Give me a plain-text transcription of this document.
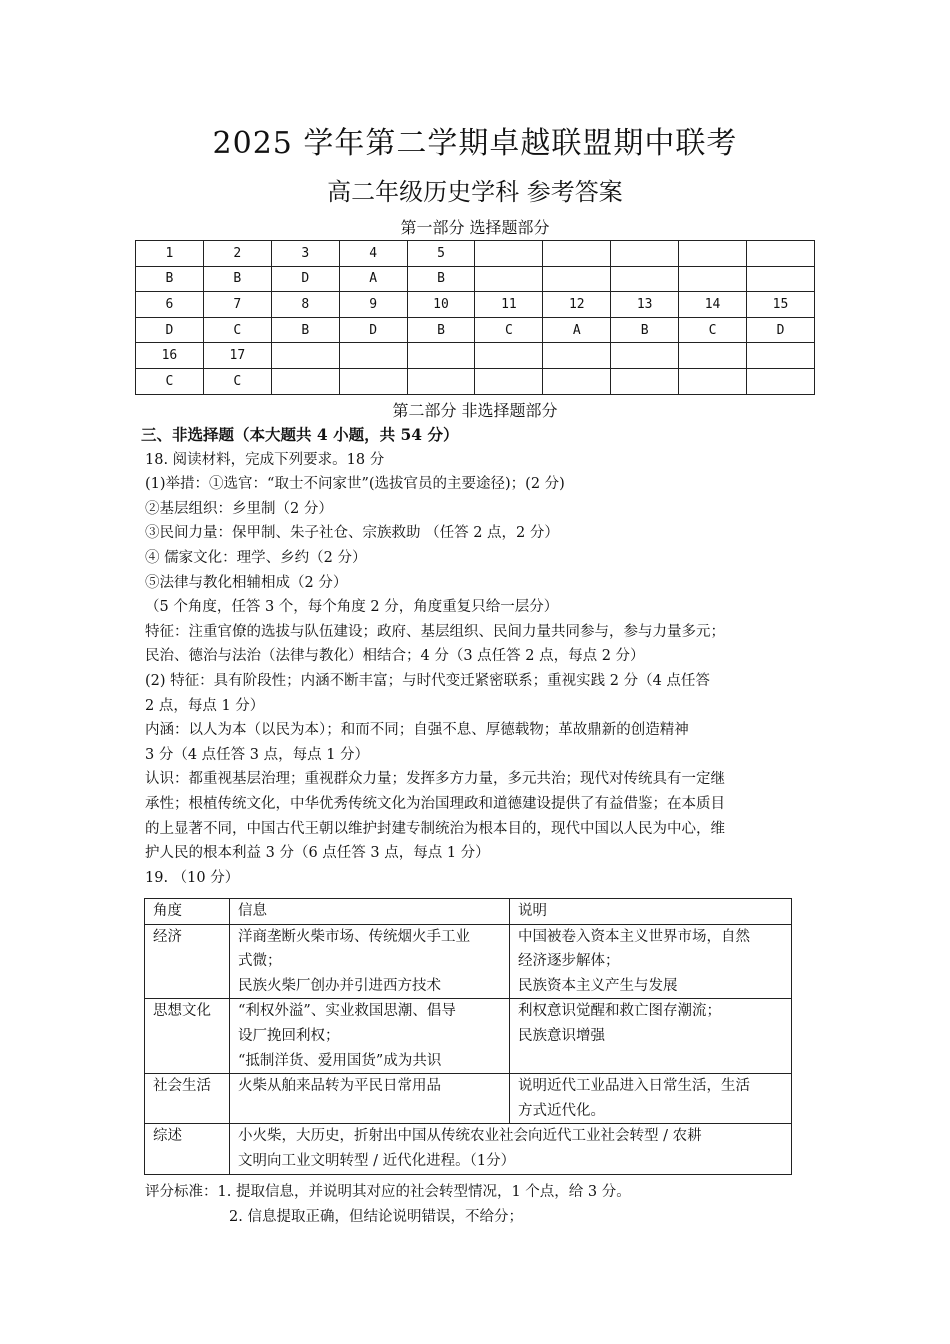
2025 学年第二学期卓越联盟期中联考
高二年级历史学科 参考答案
第一部分 选择题部分
1	2	3	4	5					
B	B	D	A	B					
6	7	8	9	10	11	12	13	14	15
D	C	B	D	B	C	A	B	C	D
16	17								
C	C								
第二部分 非选择题部分
三、非选择题（本大题共 4 小题，共 54 分）
18. 阅读材料，完成下列要求。18 分
(1)举措：①选官：“取士不问家世”(选拔官员的主要途径)；(2 分)
②基层组织：乡里制（2 分）
③民间力量：保甲制、朱子社仓、宗族救助 （任答 2 点，2 分）
④ 儒家文化：理学、乡约（2 分）
⑤法律与教化相辅相成（2 分）
（5 个角度，任答 3 个，每个角度 2 分，角度重复只给一层分）
特征：注重官僚的选拔与队伍建设；政府、基层组织、民间力量共同参与，参与力量多元；
民治、德治与法治（法律与教化）相结合；4 分（3 点任答 2 点，每点 2 分）
(2) 特征：具有阶段性；内涵不断丰富；与时代变迁紧密联系；重视实践 2 分（4 点任答
2 点，每点 1 分）
内涵：以人为本（以民为本）；和而不同；自强不息、厚德载物；革故鼎新的创造精神
3 分（4 点任答 3 点，每点 1 分）
认识：都重视基层治理；重视群众力量；发挥多方力量，多元共治；现代对传统具有一定继
承性；根植传统文化，中华优秀传统文化为治国理政和道德建设提供了有益借鉴；在本质目
的上显著不同，中国古代王朝以维护封建专制统治为根本目的，现代中国以人民为中心，维
护人民的根本利益 3 分（6 点任答 3 点，每点 1 分）
19. （10 分）
角度	信息	说明
经济	洋商垄断火柴市场、传统烟火手工业
式微；
民族火柴厂创办并引进西方技术	中国被卷入资本主义世界市场，自然
经济逐步解体；
民族资本主义产生与发展

思想文化	“利权外溢”、实业救国思潮、倡导
设厂挽回利权；
“抵制洋货、爱用国货”成为共识	利权意识觉醒和救亡图存潮流；
民族意识增强

社会生活	火柴从舶来品转为平民日常用品	说明近代工业品进入日常生活，生活
方式近代化。

综述	小火柴，大历史，折射出中国从传统农业社会向近代工业社会转型 / 农耕
文明向工业文明转型 / 近代化进程。（1分）	
评分标准：1. 提取信息，并说明其对应的社会转型情况，1 个点，给 3 分。
2. 信息提取正确，但结论说明错误，不给分；
